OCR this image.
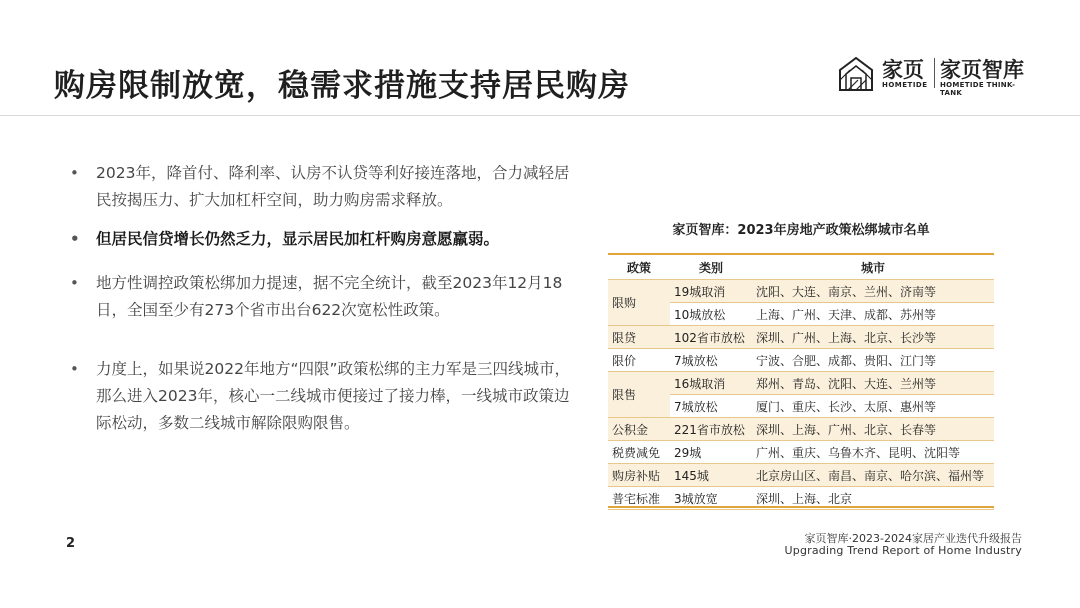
购房限制放宽，稳需求措施支持居民购房	家页
HOMETIDE
家页智库
HOMETIDE THINK-TANK
• 2023年，降首付、降利率、认房不认贷等利好接连落地，合力减轻居民按揭压力、扩大加杠杆空间，助力购房需求释放。
• 但居民信贷增长仍然乏力，显示居民加杠杆购房意愿羸弱。
• 地方性调控政策松绑加力提速，据不完全统计，截至2023年12月18日，全国至少有273个省市出台622次宽松性政策。
• 力度上，如果说2022年地方“四限”政策松绑的主力军是三四线城市，那么进入2023年，核心一二线城市便接过了接力棒，一线城市政策边际松动，多数二线城市解除限购限售。
家页智库：2023年房地产政策松绑城市名单
政策	类别	城市
限购	19城取消	沈阳、大连、南京、兰州、济南等
	10城放松	上海、广州、天津、成都、苏州等
限贷	102省市放松	深圳、广州、上海、北京、长沙等
限价	7城放松	宁波、合肥、成都、贵阳、江门等
限售	16城取消	郑州、青岛、沈阳、大连、兰州等
	7城放松	厦门、重庆、长沙、太原、惠州等
公积金	221省市放松	深圳、上海、广州、北京、长春等
税费减免	29城	广州、重庆、乌鲁木齐、昆明、沈阳等
购房补贴	145城	北京房山区、南昌、南京、哈尔滨、福州等
普宅标准	3城放宽	深圳、上海、北京
2	家页智库·2023-2024家居产业迭代升级报告
Upgrading Trend Report of Home Industry
